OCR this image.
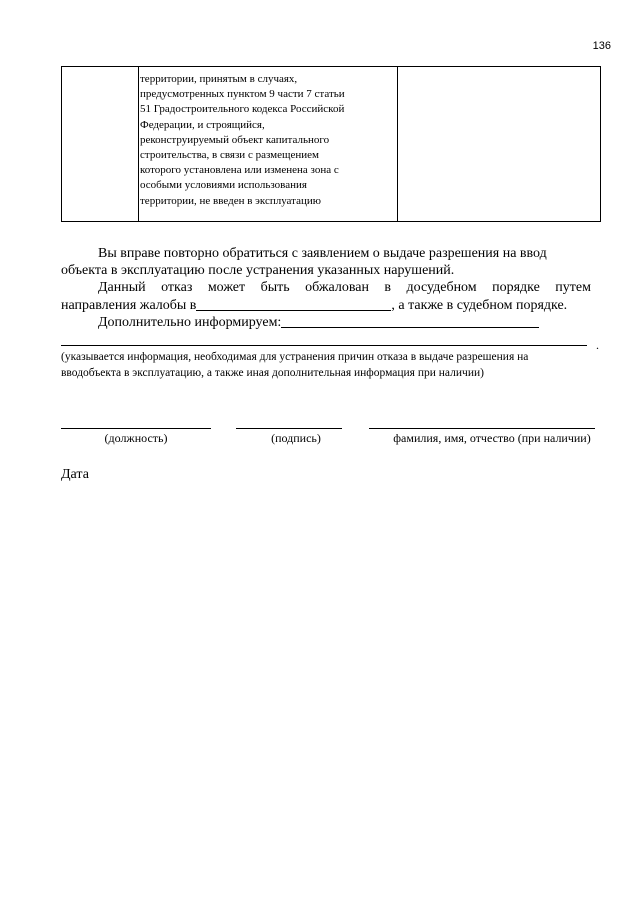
136
территории, принятым в случаях,
предусмотренных пунктом 9 части 7 статьи
51 Градостроительного кодекса Российской
Федерации, и строящийся,
реконструируемый объект капитального
строительства, в связи с размещением
которого установлена или изменена зона с
особыми условиями использования
территории, не введен в эксплуатацию
Вы вправе повторно обратиться с заявлением о выдаче разрешения на ввод
объекта в эксплуатацию после устранения указанных нарушений.
Данный отказ может быть обжалован в досудебном порядке путем
направления жалобы в	, а также в судебном порядке.
Дополнительно информируем:
.
(указывается информация, необходимая для устранения причин отказа в выдаче разрешения на
вводобъекта в эксплуатацию, а также иная дополнительная информация при наличии)
(должность)	(подпись)	фамилия, имя, отчество (при наличии)
Дата
